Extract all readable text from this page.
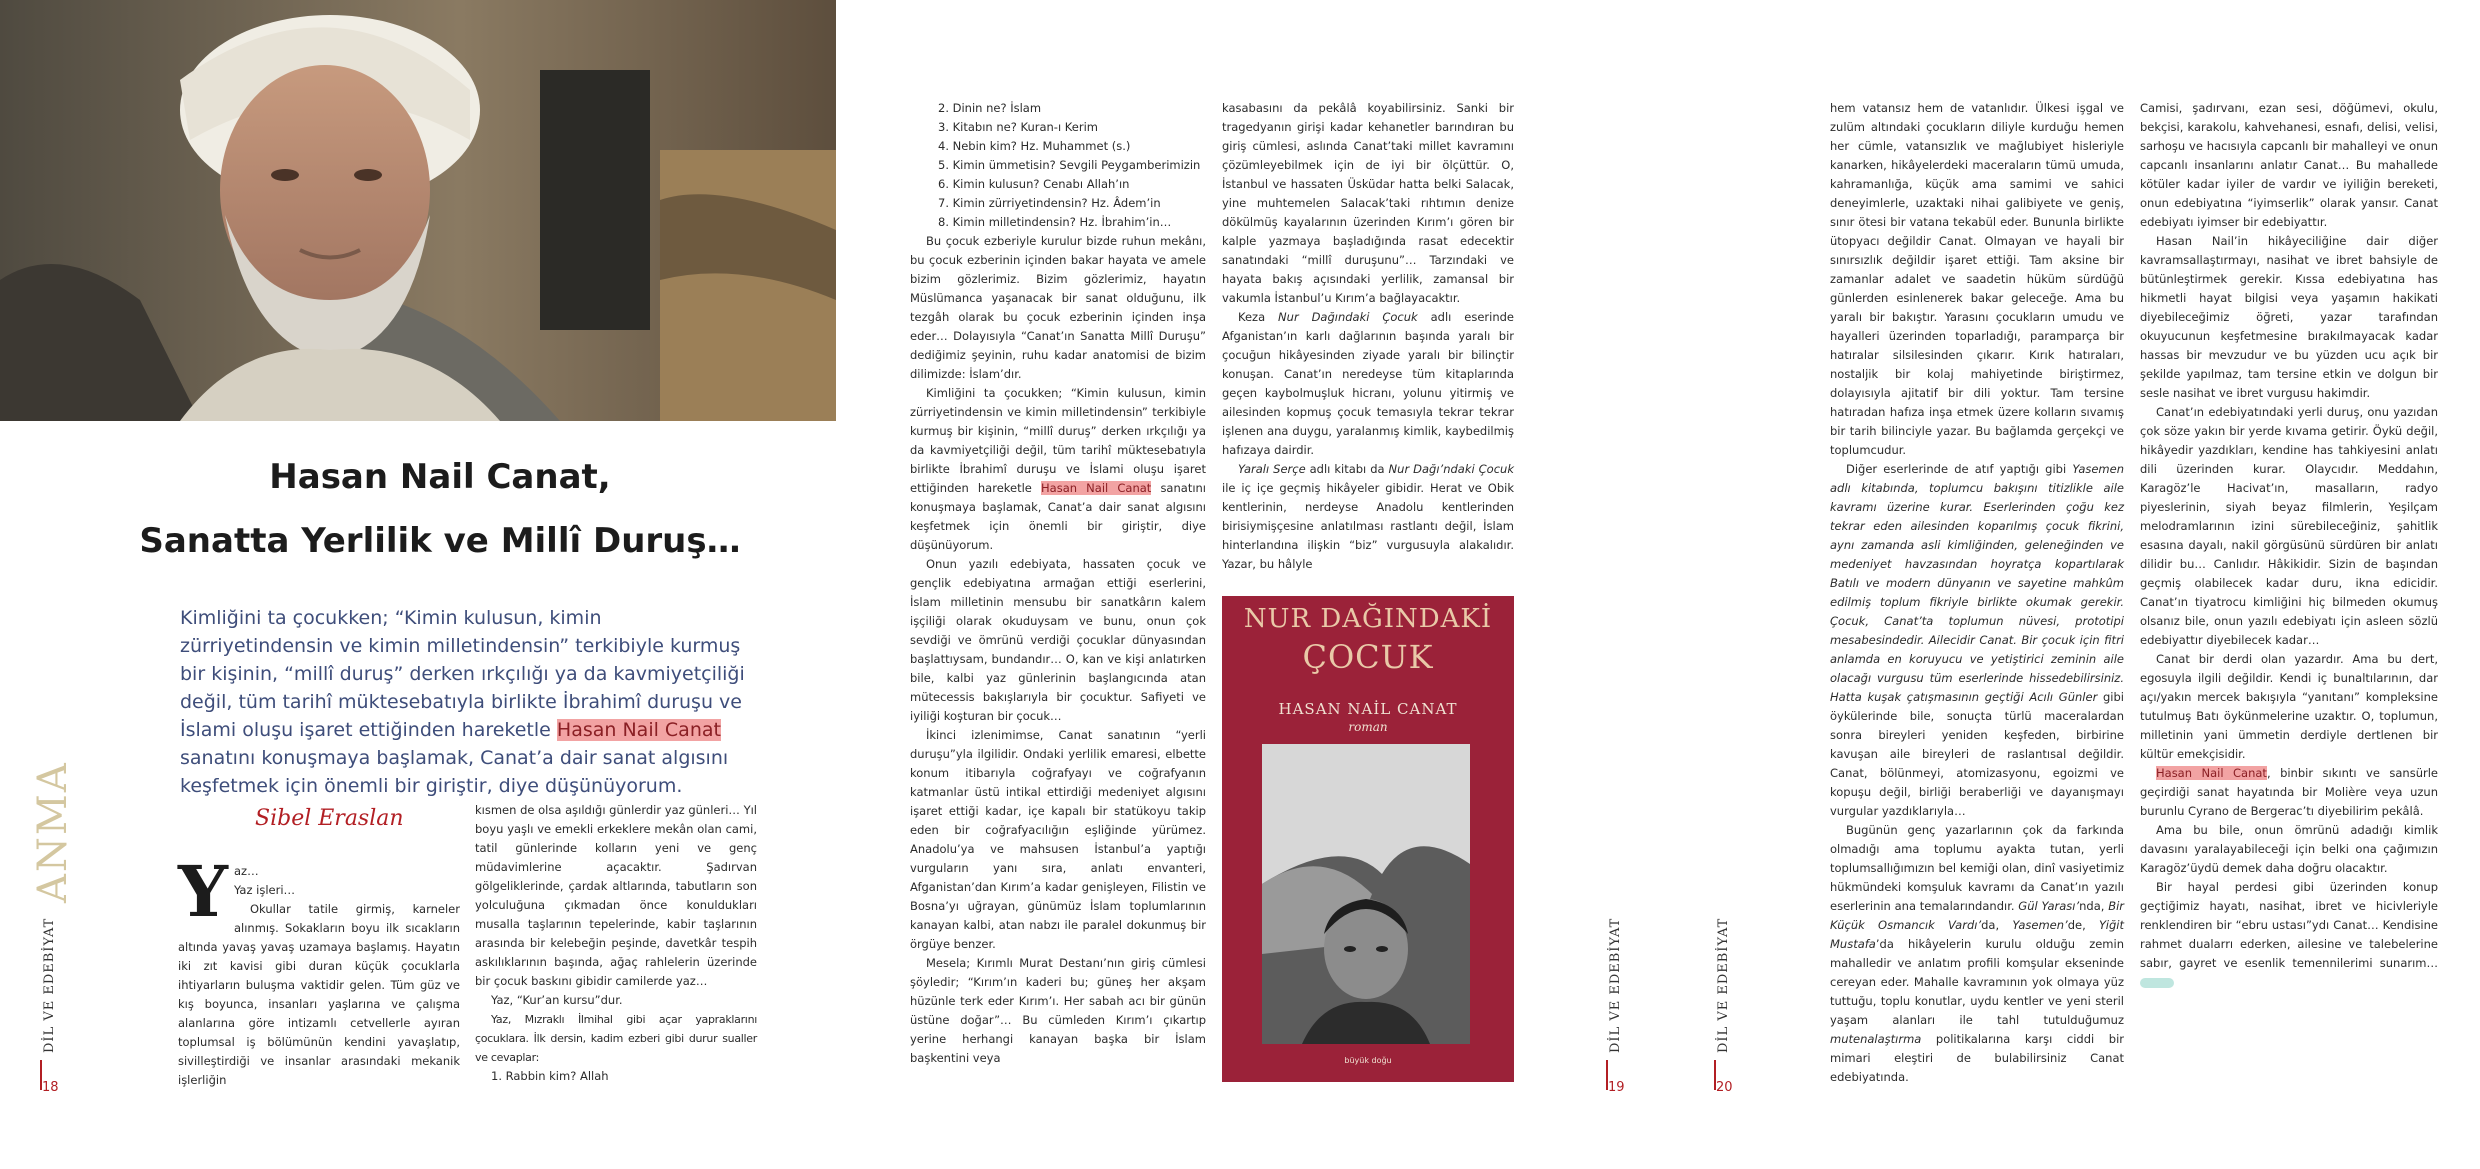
Hasan Nail Canat,
Sanatta Yerlilik ve Millî Duruş…
Kimliğini ta çocukken; “Kimin kulusun, kimin zürriyetindensin ve kimin milletindensin” terkibiyle kurmuş bir kişinin, “millî duruş” derken ırkçılığı ya da kavmiyetçiliği değil, tüm tarihî müktesebatıyla birlikte İbrahimî duruşu ve İslami oluşu işaret ettiğinden hareketle Hasan Nail Canat sanatını konuşmaya başlamak, Canat’a dair sanat algısını keşfetmek için önemli bir giriştir, diye düşünüyorum.
Sibel Eraslan
ANMA
DİL VE EDEBİYAT
18
Y az…

Yaz işleri…

Okullar tatile girmiş, karneler alınmış. Sokakların boyu ilk sıcakların altında yavaş yavaş uzamaya başlamış. Hayatın iki zıt kavisi gibi duran küçük çocuklarla ihtiyarların buluşma vaktidir gelen. Tüm güz ve kış boyunca, insanları yaşlarına ve çalışma alanlarına göre intizamlı cetvellerle ayıran toplumsal iş bölümünün kendini yavaşlatıp, sivilleştirdiği ve insanlar arasındaki mekanik işlerliğin

kısmen de olsa aşıldığı günlerdir yaz günleri… Yıl boyu yaşlı ve emekli erkeklere mekân olan cami, tatil günlerinde kolların yeni ve genç müdavimlerine açacaktır. Şadırvan gölgeliklerinde, çardak altlarında, tabutların son yolculuğuna çıkmadan önce konuldukları musalla taşlarının tepelerinde, kabir taşlarının arasında bir kelebeğin peşinde, davetkâr tespih askılıklarının başında, ağaç rahlelerin üzerinde bir çocuk baskını gibidir camilerde yaz…

Yaz, “Kur’an kursu”dur.

Yaz, Mızraklı İlmihal gibi açar yapraklarını çocuklara. İlk dersin, kadim ezberi gibi durur sualler ve cevaplar:

1. Rabbin kim? Allah

2. Dinin ne? İslam
3. Kitabın ne? Kuran-ı Kerim
4. Nebin kim? Hz. Muhammet (s.)
5. Kimin ümmetisin? Sevgili Peygamberimizin
6. Kimin kulusun? Cenabı Allah’ın
7. Kimin zürriyetindensin? Hz. Âdem’in
8. Kimin milletindensin? Hz. İbrahim’in…

Bu çocuk ezberiyle kurulur bizde ruhun mekânı, bu çocuk ezberinin içinden bakar hayata ve amele bizim gözlerimiz. Bizim gözlerimiz, hayatın Müslümanca yaşanacak bir sanat olduğunu, ilk tezgâh olarak bu çocuk ezberinin içinden inşa eder… Dolayısıyla “Canat’ın Sanatta Millî Duruşu” dediğimiz şeyinin, ruhu kadar anatomisi de bizim dilimizde: İslam’dır.

Kimliğini ta çocukken; “Kimin kulusun, kimin zürriyetindensin ve kimin milletindensin” terkibiyle kurmuş bir kişinin, “millî duruş” derken ırkçılığı ya da kavmiyetçiliği değil, tüm tarihî müktesebatıyla birlikte İbrahimî duruşu ve İslami oluşu işaret ettiğinden hareketle Hasan Nail Canat sanatını konuşmaya başlamak, Canat’a dair sanat algısını keşfetmek için önemli bir giriştir, diye düşünüyorum.

Onun yazılı edebiyata, hassaten çocuk ve gençlik edebiyatına armağan ettiği eserlerini, İslam milletinin mensubu bir sanatkârın kalem işçiliği olarak okuduysam ve bunu, onun çok sevdiği ve ömrünü verdiği çocuklar dünyasından başlattıysam, bundandır… O, kan ve kişi anlatırken bile, kalbi yaz günlerinin başlangıcında atan mütecessis bakışlarıyla bir çocuktur. Safiyeti ve iyiliği koşturan bir çocuk…

İkinci izlenimimse, Canat sanatının “yerli duruşu”yla ilgilidir. Ondaki yerlilik emaresi, elbette konum itibarıyla coğrafyayı ve coğrafyanın katmanlar üstü intikal ettirdiği medeniyet algısını işaret ettiği kadar, içe kapalı bir statükoyu takip eden bir coğrafyacılığın eşliğinde yürümez. Anadolu’ya ve mahsusen İstanbul’a yaptığı vurguların yanı sıra, anlatı envanteri, Afganistan’dan Kırım’a kadar genişleyen, Filistin ve Bosna’yı uğrayan, günümüz İslam toplumlarının kanayan kalbi, atan nabzı ile paralel dokunmuş bir örgüye benzer.

Mesela; Kırımlı Murat Destanı’nın giriş cümlesi şöyledir; “Kırım’ın kaderi bu; güneş her akşam hüzünle terk eder Kırım’ı. Her sabah acı bir günün üstüne doğar”… Bu cümleden Kırım’ı çıkartıp yerine herhangi kanayan başka bir İslam başkentini veya

kasabasını da pekâlâ koyabilirsiniz. Sanki bir tragedyanın girişi kadar kehanetler barındıran bu giriş cümlesi, aslında Canat’taki millet kavramını çözümleyebilmek için de iyi bir ölçüttür. O, İstanbul ve hassaten Üsküdar hatta belki Salacak, yine muhtemelen Salacak’taki rıhtımın denize dökülmüş kayalarının üzerinden Kırım’ı gören bir kalple yazmaya başladığında rasat edecektir sanatındaki “millî duruşunu”… Tarzındaki ve hayata bakış açısındaki yerlilik, zamansal bir vakumla İstanbul’u Kırım’a bağlayacaktır.

Keza Nur Dağındaki Çocuk adlı eserinde Afganistan’ın karlı dağlarının başında yaralı bir çocuğun hikâyesinden ziyade yaralı bir bilinçtir konuşan. Canat’ın neredeyse tüm kitaplarında geçen kaybolmuşluk hicranı, yolunu yitirmiş ve ailesinden kopmuş çocuk temasıyla tekrar tekrar işlenen ana duygu, yaralanmış kimlik, kaybedilmiş hafızaya dairdir.

Yaralı Serçe adlı kitabı da Nur Dağı’ndaki Çocuk ile iç içe geçmiş hikâyeler gibidir. Herat ve Obik kentlerinin, nerdeyse Anadolu kentlerinden birisiymişçesine anlatılması rastlantı değil, İslam hinterlandına ilişkin “biz” vurgusuyla alakalıdır. Yazar, bu hâlyle

NUR DAĞINDAKİ
ÇOCUK
HASAN NAİL CANAT
roman
büyük doğu
DİL VE EDEBİYAT
19
DİL VE EDEBİYAT
20

hem vatansız hem de vatanlıdır. Ülkesi işgal ve zulüm altındaki çocukların diliyle kurduğu hemen her cümle, vatansızlık ve mağlubiyet hisleriyle kanarken, hikâyelerdeki maceraların tümü umuda, kahramanlığa, küçük ama samimi ve sahici deneyimlerle, uzaktaki nihai galibiyete ve geniş, sınır ötesi bir vatana tekabül eder. Bununla birlikte ütopyacı değildir Canat. Olmayan ve hayali bir sınırsızlık değildir işaret ettiği. Tam aksine bir zamanlar adalet ve saadetin hüküm sürdüğü günlerden esinlenerek bakar geleceğe. Ama bu yaralı bir bakıştır. Yarasını çocukların umudu ve hayalleri üzerinden toparladığı, paramparça bir hatıralar silsilesinden çıkarır. Kırık hatıraları, nostaljik bir kolaj mahiyetinde biriştirmez, dolayısıyla ajitatif bir dili yoktur. Tam tersine hatıradan hafıza inşa etmek üzere kolların sıvamış bir tarih bilinciyle yazar. Bu bağlamda gerçekçi ve toplumcudur.

Diğer eserlerinde de atıf yaptığı gibi Yasemen adlı kitabında, toplumcu bakışını titizlikle aile kavramı üzerine kurar. Eserlerinden çoğu kez tekrar eden ailesinden koparılmış çocuk fikrini, aynı zamanda asli kimliğinden, geleneğinden ve medeniyet havzasından hoyratça kopartılarak Batılı ve modern dünyanın ve sayetine mahkûm edilmiş toplum fikriyle birlikte okumak gerekir. Çocuk, Canat’ta toplumun nüvesi, prototipi mesabesindedir. Ailecidir Canat. Bir çocuk için fitri anlamda en koruyucu ve yetiştirici zeminin aile olacağı vurgusu tüm eserlerinde hissedebilirsiniz. Hatta kuşak çatışmasının geçtiği Acılı Günler gibi öykülerinde bile, sonuçta türlü maceralardan sonra bireyleri yeniden keşfeden, birbirine kavuşan aile bireyleri de raslantısal değildir. Canat, bölünmeyi, atomizasyonu, egoizmi ve kopuşu değil, birliği beraberliği ve dayanışmayı vurgular yazdıklarıyla…

Bugünün genç yazarlarının çok da farkında olmadığı ama toplumu ayakta tutan, yerli toplumsallığımızın bel kemiği olan, dinî vasiyetimiz hükmündeki komşuluk kavramı da Canat’ın yazılı eserlerinin ana temalarındandır. Gül Yarası’nda, Bir Küçük Osmancık Vardı’da, Yasemen’de, Yiğit Mustafa’da hikâyelerin kurulu olduğu zemin mahalledir ve anlatım profili komşular ekseninde cereyan eder. Mahalle kavramının yok olmaya yüz tuttuğu, toplu konutlar, uydu kentler ve yeni steril yaşam alanları ile tahl tutulduğumuz mutenalaştırma politikalarına karşı ciddi bir mimari eleştiri de bulabilirsiniz Canat edebiyatında.

Camisi, şadırvanı, ezan sesi, döğümevi, okulu, bekçisi, karakolu, kahvehanesi, esnafı, delisi, velisi, sarhoşu ve hacısıyla capcanlı bir mahalleyi ve onun capcanlı insanlarını anlatır Canat… Bu mahallede kötüler kadar iyiler de vardır ve iyiliğin bereketi, onun edebiyatına “iyimserlik” olarak yansır. Canat edebiyatı iyimser bir edebiyattır.

Hasan Nail’in hikâyeciliğine dair diğer kavramsallaştırmayı, nasihat ve ibret bahsiyle de bütünleştirmek gerekir. Kıssa edebiyatına has hikmetli hayat bilgisi veya yaşamın hakikati diyebileceğimiz öğreti, yazar tarafından okuyucunun keşfetmesine bırakılmayacak kadar hassas bir mevzudur ve bu yüzden ucu açık bir şekilde yapılmaz, tam tersine etkin ve dolgun bir sesle nasihat ve ibret vurgusu hakimdir.

Canat’ın edebiyatındaki yerli duruş, onu yazıdan çok söze yakın bir yerde kıvama getirir. Öykü değil, hikâyedir yazdıkları, kendine has tahkiyesini anlatı dili üzerinden kurar. Olaycıdır. Meddahın, Karagöz’le Hacivat’ın, masalların, radyo piyeslerinin, siyah beyaz filmlerin, Yeşilçam melodramlarının izini sürebileceğiniz, şahitlik esasına dayalı, nakil görgüsünü sürdüren bir anlatı dilidir bu… Canlıdır. Hâkikidir. Sizin de başından geçmiş olabilecek kadar duru, ikna edicidir. Canat’ın tiyatrocu kimliğini hiç bilmeden okumuş olsanız bile, onun yazılı edebiyatı için asleen sözlü edebiyattır diyebilecek kadar…

Canat bir derdi olan yazardır. Ama bu dert, egosuyla ilgili değildir. Kendi iç bunaltılarının, dar açı/yakın mercek bakışıyla “yanıtanı” kompleksine tutulmuş Batı öykünmelerine uzaktır. O, toplumun, milletinin yani ümmetin derdiyle dertlenen bir kültür emekçisidir.

Hasan Nail Canat, binbir sıkıntı ve sansürle geçirdiği sanat hayatında bir Molière veya uzun burunlu Cyrano de Bergerac’tı diyebilirim pekâlâ.

Ama bu bile, onun ömrünü adadığı kimlik davasını yaralayabileceği için belki ona çağımızın Karagöz’üydü demek daha doğru olacaktır.

Bir hayal perdesi gibi üzerinden konup geçtiğimiz hayatı, nasihat, ibret ve hicivleriyle renklendiren bir “ebru ustası”ydı Canat… Kendisine rahmet dualarrı ederken, ailesine ve talebelerine sabır, gayret ve esenlik temennilerimi sunarım…
